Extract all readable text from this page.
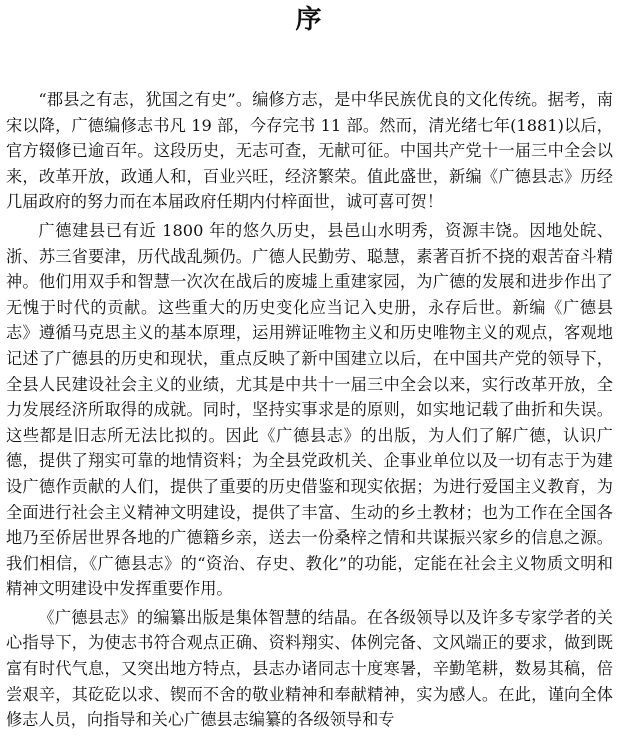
序

“郡县之有志，犹国之有史”。编修方志，是中华民族优良的文化传统。据考，南宋以降，广德编修志书凡 19 部，今存完书 11 部。然而，清光绪七年(1881)以后，官方辍修已逾百年。这段历史，无志可查，无献可征。中国共产党十一届三中全会以来，改革开放，政通人和，百业兴旺，经济繁荣。值此盛世，新编《广德县志》历经几届政府的努力而在本届政府任期内付梓面世，诚可喜可贺！

广德建县已有近 1800 年的悠久历史，县邑山水明秀，资源丰饶。因地处皖、浙、苏三省要津，历代战乱频仍。广德人民勤劳、聪慧，素著百折不挠的艰苦奋斗精神。他们用双手和智慧一次次在战后的废墟上重建家园，为广德的发展和进步作出了无愧于时代的贡献。这些重大的历史变化应当记入史册，永存后世。新编《广德县志》遵循马克思主义的基本原理，运用辨证唯物主义和历史唯物主义的观点，客观地记述了广德县的历史和现状，重点反映了新中国建立以后，在中国共产党的领导下，全县人民建设社会主义的业绩，尤其是中共十一届三中全会以来，实行改革开放，全力发展经济所取得的成就。同时，坚持实事求是的原则，如实地记载了曲折和失误。这些都是旧志所无法比拟的。因此《广德县志》的出版，为人们了解广德，认识广德，提供了翔实可靠的地情资料；为全县党政机关、企事业单位以及一切有志于为建设广德作贡献的人们，提供了重要的历史借鉴和现实依据；为进行爱国主义教育，为全面进行社会主义精神文明建设，提供了丰富、生动的乡土教材；也为工作在全国各地乃至侨居世界各地的广德籍乡亲，送去一份桑梓之情和共谋振兴家乡的信息之源。我们相信，《广德县志》的“资治、存史、教化”的功能，定能在社会主义物质文明和精神文明建设中发挥重要作用。

《广德县志》的编纂出版是集体智慧的结晶。在各级领导以及许多专家学者的关心指导下，为使志书符合观点正确、资料翔实、体例完备、文风端正的要求，做到既富有时代气息，又突出地方特点，县志办诸同志十度寒暑，辛勤笔耕，数易其稿，倍尝艰辛，其矻矻以求、锲而不舍的敬业精神和奉献精神，实为感人。在此，谨向全体修志人员，向指导和关心广德县志编纂的各级领导和专
